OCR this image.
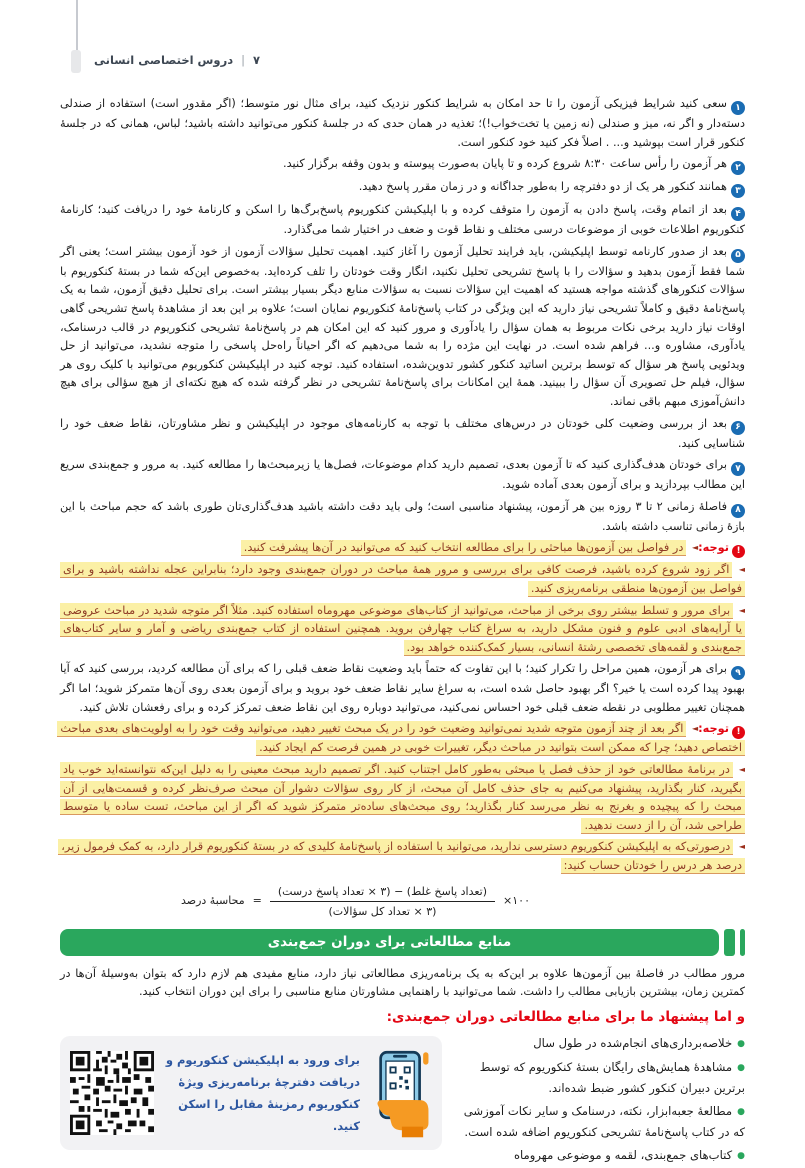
دروس اختصاصی انسانی | ۷

۱سعی کنید شرایط فیزیکی آزمون را تا حد امکان به شرایط کنکور نزدیک کنید، برای مثال نور متوسط؛ (اگر مقدور است) استفاده از صندلی دسته‌دار و اگر نه، میز و صندلی (نه زمین یا تخت‌خواب!)؛ تغذیه در همان حدی که در جلسهٔ کنکور می‌توانید داشته باشید؛ لباس، همانی که در جلسهٔ کنکور قرار است بپوشید و... . اصلاً فکر کنید خود کنکور است.

۲هر آزمون را رأس ساعت ۸:۳۰ شروع کرده و تا پایان به‌صورت پیوسته و بدون وقفه برگزار کنید.

۳همانند کنکور هر یک از دو دفترچه را به‌طور جداگانه و در زمان مقرر پاسخ دهید.

۴بعد از اتمام وقت، پاسخ دادن به آزمون را متوقف کرده و با اپلیکیشن کنکوریوم پاسخ‌برگ‌ها را اسکن و کارنامهٔ خود را دریافت کنید؛ کارنامهٔ کنکوریوم اطلاعات خوبی از موضوعات درسی مختلف و نقاط قوت و ضعف در اختیار شما می‌گذارد.

۵بعد از صدور کارنامه توسط اپلیکیشن، باید فرایند تحلیل آزمون را آغاز کنید. اهمیت تحلیل سؤالات آزمون از خود آزمون بیشتر است؛ یعنی اگر شما فقط آزمون بدهید و سؤالات را با پاسخ تشریحی تحلیل نکنید، انگار وقت خودتان را تلف کرده‌اید. به‌خصوص این‌که شما در بستهٔ کنکوریوم با سؤالات کنکورهای گذشته مواجه هستید که اهمیت این سؤالات نسبت به سؤالات منابع دیگر بسیار بیشتر است. برای تحلیل دقیق آزمون، شما به یک پاسخ‌نامهٔ دقیق و کاملاً تشریحی نیاز دارید که این ویژگی در کتاب پاسخ‌نامهٔ کنکوریوم نمایان است؛ علاوه بر این بعد از مشاهدهٔ پاسخ تشریحی گاهی اوقات نیاز دارید برخی نکات مربوط به همان سؤال را یادآوری و مرور کنید که این امکان هم در پاسخ‌نامهٔ تشریحی کنکوریوم در قالب درسنامک، یادآوری، مشاوره و... فراهم شده است. در نهایت این مژده را به شما می‌دهیم که اگر احیاناً راه‌حل پاسخی را متوجه نشدید، می‌توانید از حل ویدئویی پاسخ هر سؤال که توسط برترین اساتید کنکور کشور تدوین‌شده، استفاده کنید. توجه کنید در اپلیکیشن کنکوریوم می‌توانید با کلیک روی هر سؤال، فیلم حل تصویری آن سؤال را ببینید. همهٔ این امکانات برای پاسخ‌نامهٔ تشریحی در نظر گرفته شده که هیچ نکته‌ای از هیچ سؤالی برای هیچ دانش‌آموزی مبهم باقی نماند.

۶بعد از بررسی وضعیت کلی خودتان در درس‌های مختلف با توجه به کارنامه‌های موجود در اپلیکیشن و نظر مشاورتان، نقاط ضعف خود را شناسایی کنید.

۷برای خودتان هدف‌گذاری کنید که تا آزمون بعدی، تصمیم دارید کدام موضوعات، فصل‌ها یا زیرمبحث‌ها را مطالعه کنید. به مرور و جمع‌بندی سریع این مطالب بپردازید و برای آزمون بعدی آماده شوید.

۸فاصلهٔ زمانی ۲ تا ۳ روزه بین هر آزمون، پیشنهاد مناسبی است؛ ولی باید دقت داشته باشید هدف‌گذاری‌تان طوری باشد که حجم مباحث با این بازهٔ زمانی تناسب داشته باشد.

!توجه:◄ در فواصل بین آزمون‌ها مباحثی را برای مطالعه انتخاب کنید که می‌توانید در آن‌ها پیشرفت کنید.

◄ اگر زود شروع کرده باشید، فرصت کافی برای بررسی و مرور همهٔ مباحث در دوران جمع‌بندی وجود دارد؛ بنابراین عجله نداشته باشید و برای فواصل بین آزمون‌ها منطقی برنامه‌ریزی کنید.

◄ برای مرور و تسلط بیشتر روی برخی از مباحث، می‌توانید از کتاب‌های موضوعی مهروماه استفاده کنید. مثلاً اگر متوجه شدید در مباحث عروضی یا آرایه‌های ادبی علوم و فنون مشکل دارید، به سراغ کتاب چهارفن بروید. همچنین استفاده از کتاب جمع‌بندی ریاضی و آمار و سایر کتاب‌های جمع‌بندی و لقمه‌های تخصصی رشتهٔ انسانی، بسیار کمک‌کننده خواهد بود.

۹برای هر آزمون، همین مراحل را تکرار کنید؛ با این تفاوت که حتماً باید وضعیت نقاط ضعف قبلی را که برای آن مطالعه کردید، بررسی کنید که آیا بهبود پیدا کرده است یا خیر؟ اگر بهبود حاصل شده است، به سراغ سایر نقاط ضعف خود بروید و برای آزمون بعدی روی آن‌ها متمرکز شوید؛ اما اگر همچنان تغییر مطلوبی در نقطه ضعف قبلی خود احساس نمی‌کنید، می‌توانید دوباره روی این نقاط ضعف تمرکز کرده و برای رفعشان تلاش کنید.

!توجه:◄ اگر بعد از چند آزمون متوجه شدید نمی‌توانید وضعیت خود را در یک مبحث تغییر دهید، می‌توانید وقت خود را به اولویت‌های بعدی مباحث اختصاص دهید؛ چرا که ممکن است بتوانید در مباحث دیگر، تغییرات خوبی در همین فرصت کم ایجاد کنید.

◄ در برنامهٔ مطالعاتی خود از حذف فصل یا مبحثی به‌طور کامل اجتناب کنید. اگر تصمیم دارید مبحث معینی را به دلیل این‌که نتوانسته‌اید خوب یاد بگیرید، کنار بگذارید، پیشنهاد می‌کنیم به جای حذف کامل آن مبحث، از کار روی سؤالات دشوار آن مبحث صرف‌نظر کرده و قسمت‌هایی از آن مبحث را که پیچیده و بغرنج به نظر می‌رسد کنار بگذارید؛ روی مبحث‌های ساده‌تر متمرکز شوید که اگر از این مباحث، تست ساده یا متوسط طراحی شد، آن را از دست ندهید.

◄ درصورتی‌که به اپلیکیشن کنکوریوم دسترسی ندارید، می‌توانید با استفاده از پاسخ‌نامهٔ کلیدی که در بستهٔ کنکوریوم قرار دارد، به کمک فرمول زیر، درصد هر درس را خودتان حساب کنید:

محاسبهٔ درصد = $\frac{\text{(تعداد پاسخ غلط) − (۳ × تعداد پاسخ درست)}}{\text{(۳ × تعداد کل سؤالات)}}$ ×۱۰۰
منابع مطالعاتی برای دوران جمع‌بندی

مرور مطالب در فاصلهٔ بین آزمون‌ها علاوه بر این‌که به یک برنامه‌ریزی مطالعاتی نیاز دارد، منابع مفیدی هم لازم دارد که بتوان به‌وسیلهٔ آن‌ها در کمترین زمان، بیشترین بازیابی مطالب را داشت. شما می‌توانید با راهنمایی مشاورتان منابع مناسبی را برای این دوران انتخاب کنید.

و اما پیشنهاد ما برای منابع مطالعاتی دوران جمع‌بندی:

●خلاصه‌برداری‌های انجام‌شده در طول سال

●مشاهدهٔ همایش‌های رایگان بستهٔ کنکوریوم که توسط برترین دبیران کنکور کشور ضبط شده‌اند.

●مطالعهٔ جعبه‌ابزار، نکته، درسنامک و سایر نکات آموزشی که در کتاب پاسخ‌نامهٔ تشریحی کنکوریوم اضافه شده است.

●کتاب‌های جمع‌بندی، لقمه و موضوعی مهروماه

برای ورود به اپلیکیشن کنکوریوم و دریافت دفترچهٔ برنامه‌ریزی ویژهٔ کنکوریوم رمزینهٔ مقابل را اسکن کنید.
